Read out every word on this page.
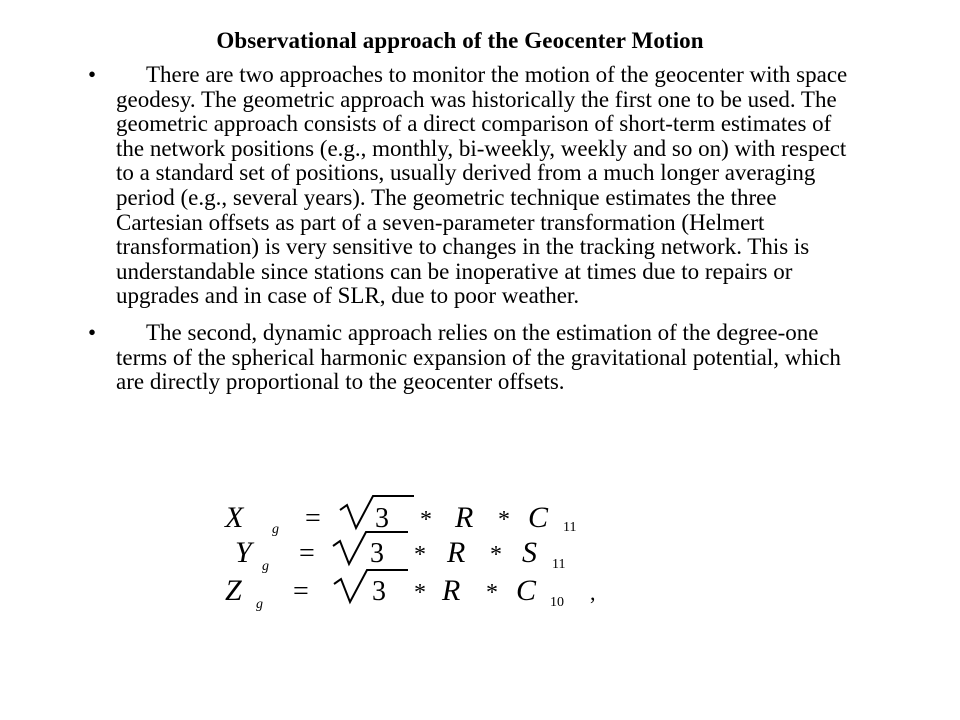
Observational approach of the Geocenter Motion
• There are two approaches to monitor the motion of the geocenter with space geodesy. The geometric approach was historically the first one to be used. The geometric approach consists of a direct comparison of short-term estimates of the network positions (e.g., monthly, bi-weekly, weekly and so on) with respect to a standard set of positions, usually derived from a much longer averaging period (e.g., several years). The geometric technique estimates the three Cartesian offsets as part of a seven-parameter transformation (Helmert transformation) is very sensitive to changes in the tracking network. This is understandable since stations can be inoperative at times due to repairs or upgrades and in case of SLR, due to poor weather.
• The second, dynamic approach relies on the estimation of the degree-one terms of the spherical harmonic expansion of the gravitational potential, which are directly proportional to the geocenter offsets.
X g = 3 * R * C 11
Y g = 3 * R * S 11
Z g = 3 * R * C 10 ,
